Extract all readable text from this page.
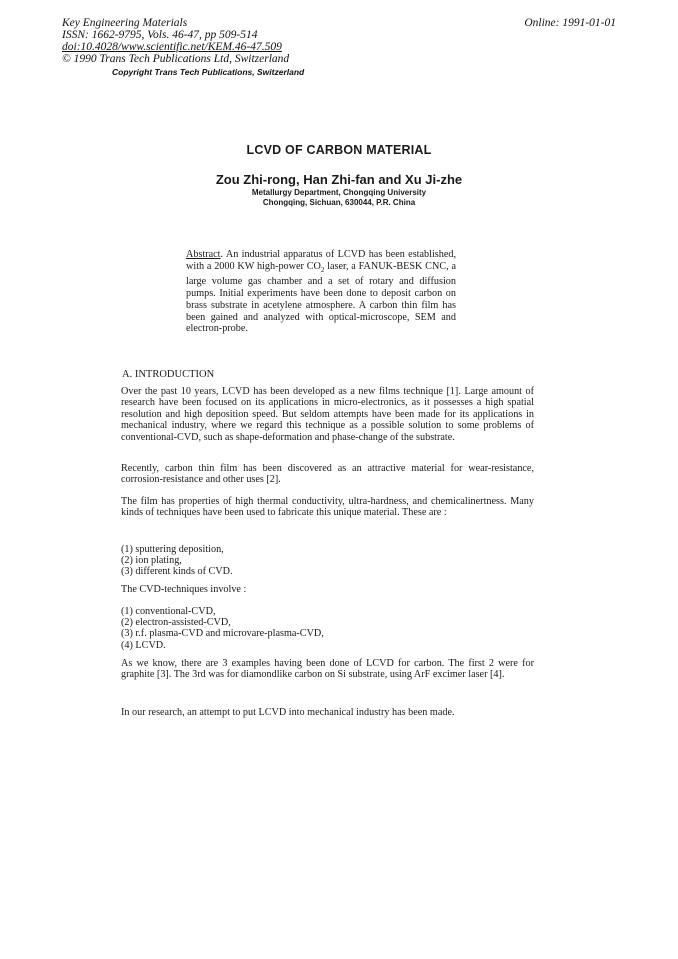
Key Engineering Materials
ISSN: 1662-9795, Vols. 46-47, pp 509-514
doi:10.4028/www.scientific.net/KEM.46-47.509
© 1990 Trans Tech Publications Ltd, Switzerland
Online: 1991-01-01
Copyright Trans Tech Publications, Switzerland
LCVD OF CARBON MATERIAL
Zou Zhi-rong, Han Zhi-fan and Xu Ji-zhe
Metallurgy Department, Chongqing University
Chongqing, Sichuan, 630044, P.R. China
Abstract. An industrial apparatus of LCVD has been established, with a 2000 KW high-power $CO_2$ laser, a FANUK-BESK CNC, a large volume gas chamber and a set of rotary and diffusion pumps. Initial experiments have been done to deposit carbon on brass substrate in acetylene atmosphere. A carbon thin film has been gained and analyzed with optical-microscope, SEM and electron-probe.
A. INTRODUCTION
Over the past 10 years, LCVD has been developed as a new films technique [1]. Large amount of research have been focused on its applications in micro-electronics, as it possesses a high spatial resolution and high deposition speed. But seldom attempts have been made for its applications in mechanical industry, where we regard this technique as a possible solution to some problems of conventional-CVD, such as shape-deformation and phase-change of the substrate.
Recently, carbon thin film has been discovered as an attractive material for wear-resistance, corrosion-resistance and other uses [2].
The film has properties of high thermal conductivity, ultra-hardness, and chemicalinertness. Many kinds of techniques have been used to fabricate this unique material. These are :
(1) sputtering deposition,
(2) ion plating,
(3) different kinds of CVD.
The CVD-techniques involve :
(1) conventional-CVD,
(2) electron-assisted-CVD,
(3) r.f. plasma-CVD and microvare-plasma-CVD,
(4) LCVD.
As we know, there are 3 examples having been done of LCVD for carbon. The first 2 were for graphite [3]. The 3rd was for diamondlike carbon on Si substrate, using ArF excimer laser [4].
In our research, an attempt to put LCVD into mechanical industry has been made.
